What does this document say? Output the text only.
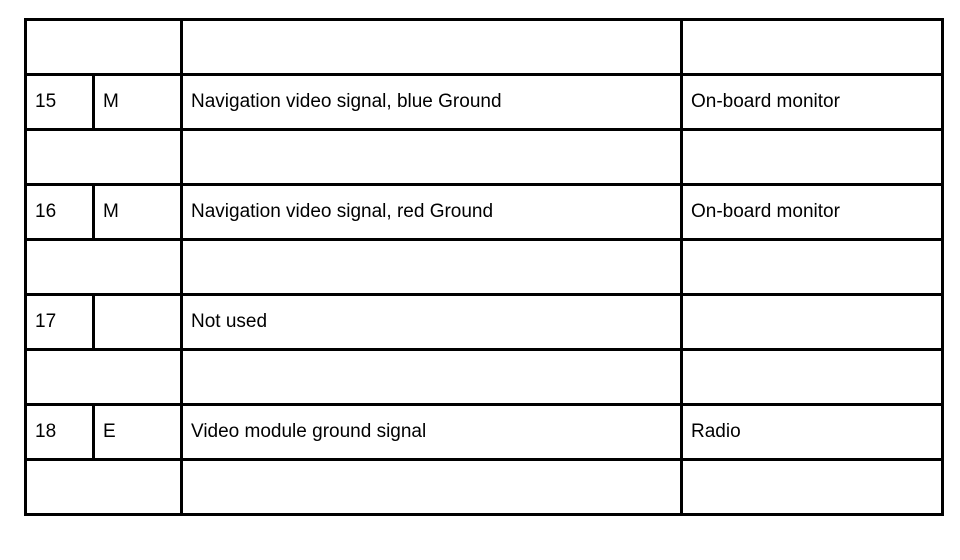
15	M	Navigation video signal, blue Ground	On-board monitor

16	M	Navigation video signal, red Ground	On-board monitor

17		Not used	

18	E	Video module ground signal	Radio
